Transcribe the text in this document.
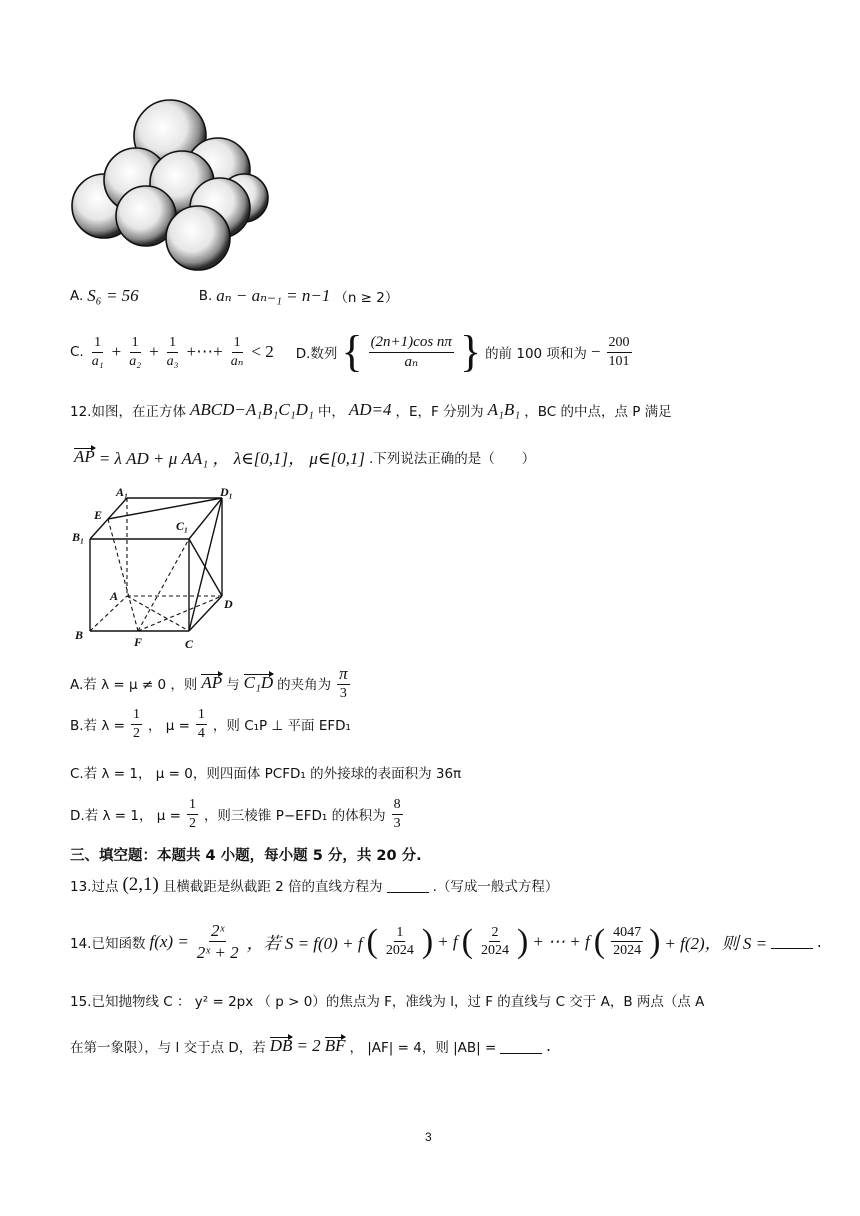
A. S₆ = 56	B. aₙ − aₙ₋₁ = n−1 （n ≥ 2）
C. $\frac{1}{\text{a₁}} + \frac{1}{\text{a₂}} + \frac{1}{\text{a₃}}$ +⋯+ $\frac{1}{\text{aₙ}} < 2$ D.数列 { $\frac{\text{(2n+1)cos nπ}}{\text{aₙ}}$ } 的前 100 项和为 − $\frac{200}{101}$
12.如图，在正方体 ABCD−A₁B₁C₁D₁ 中， AD=4 ，E，F 分别为 A₁B₁ ，BC 的中点，点 P 满足
AP = λ AD + μ AA₁ ， λ∈[0,1]， μ∈[0,1] .下列说法正确的是（　　）
A₁	D₁
E
C₁
B₁
A
D
B	F	C
A.若 λ = μ ≠ 0 ，则 AP 与 C₁D 的夹角为 $\frac{\pi}{3}$
B.若 $\lambda = \frac{1}{2}$ ， $\mu = \frac{1}{4}$ ，则 C₁P ⊥ 平面 EFD₁
C.若 λ = 1， μ = 0，则四面体 PCFD₁ 的外接球的表面积为 36π
D.若 λ = 1， $\mu = \frac{1}{2}$ ，则三棱锥 P−EFD₁ 的体积为 $\frac{8}{3}$
三、填空题：本题共 4 小题，每小题 5 分，共 20 分.
13.过点 (2,1) 且横截距是纵截距 2 倍的直线方程为	.（写成一般式方程）
14.已知函数 $f(x) = \frac{\text{2ˣ}}{\text{2ˣ + 2}}$ ，若 S = f(0) + f ( $\frac{1}{2024}$ ) + f ( $\frac{2}{2024}$ ) + ⋯ + f ( $\frac{4047}{2024}$ ) + f(2)，则 S =	.
15.已知抛物线 C ： y² = 2px （ p > 0）的焦点为 F，准线为 l，过 F 的直线与 C 交于 A，B 两点（点 A
在第一象限），与 l 交于点 D，若 DB = 2 BF ， |AF| = 4，则 |AB| =	.
3
